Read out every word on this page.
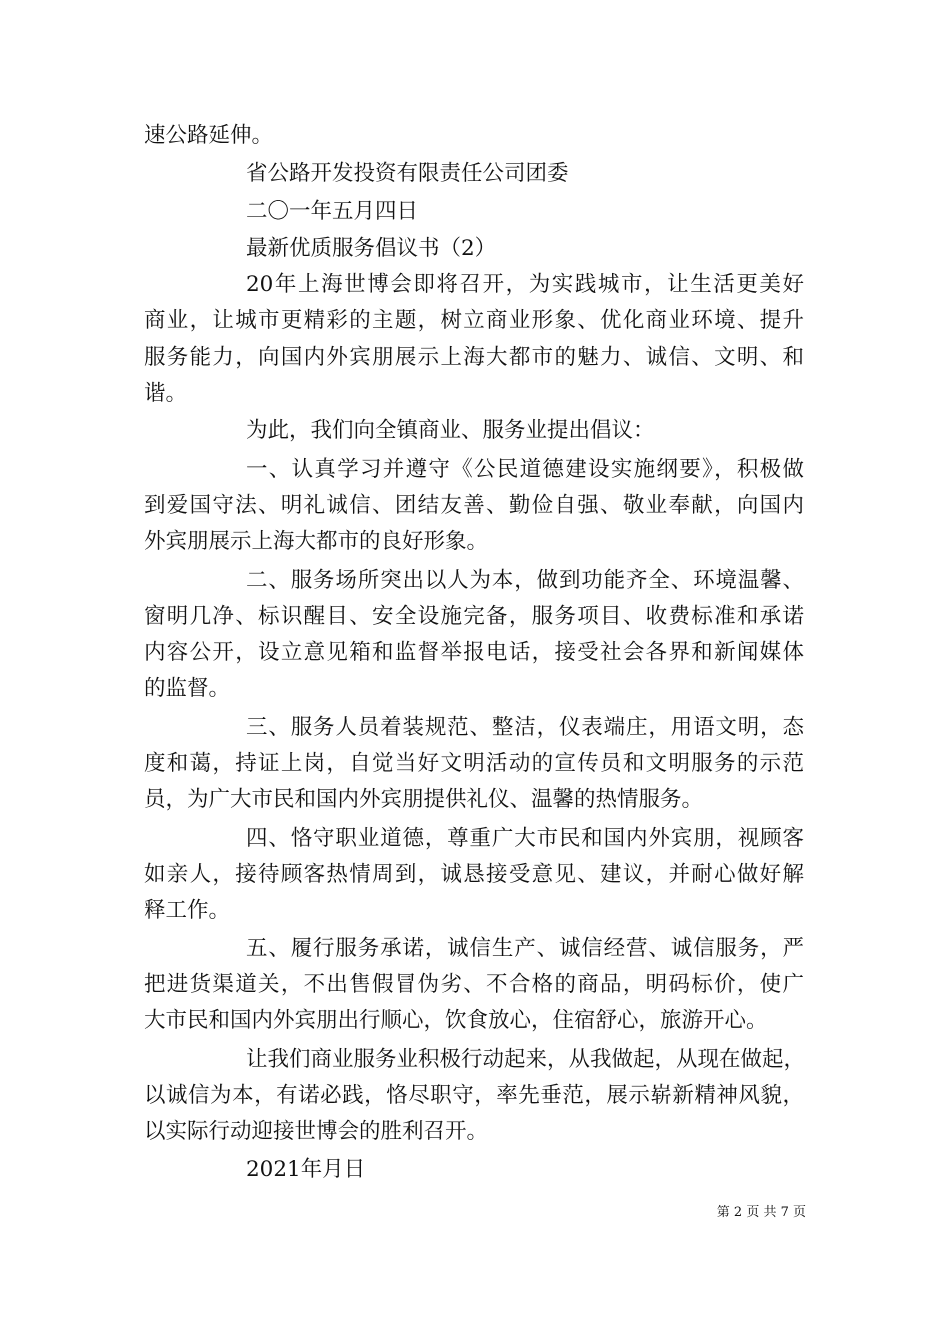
速公路延伸。
省公路开发投资有限责任公司团委
二〇一年五月四日
最新优质服务倡议书（2）
20年上海世博会即将召开，为实践城市，让生活更美好
商业，让城市更精彩的主题，树立商业形象、优化商业环境、提升
服务能力，向国内外宾朋展示上海大都市的魅力、诚信、文明、和
谐。
为此，我们向全镇商业、服务业提出倡议：
一、认真学习并遵守《公民道德建设实施纲要》，积极做
到爱国守法、明礼诚信、团结友善、勤俭自强、敬业奉献，向国内
外宾朋展示上海大都市的良好形象。
二、服务场所突出以人为本，做到功能齐全、环境温馨、
窗明几净、标识醒目、安全设施完备，服务项目、收费标准和承诺
内容公开，设立意见箱和监督举报电话，接受社会各界和新闻媒体
的监督。
三、服务人员着装规范、整洁，仪表端庄，用语文明，态
度和蔼，持证上岗，自觉当好文明活动的宣传员和文明服务的示范
员，为广大市民和国内外宾朋提供礼仪、温馨的热情服务。
四、恪守职业道德，尊重广大市民和国内外宾朋，视顾客
如亲人，接待顾客热情周到，诚恳接受意见、建议，并耐心做好解
释工作。
五、履行服务承诺，诚信生产、诚信经营、诚信服务，严
把进货渠道关，不出售假冒伪劣、不合格的商品，明码标价，使广
大市民和国内外宾朋出行顺心，饮食放心，住宿舒心，旅游开心。
让我们商业服务业积极行动起来，从我做起，从现在做起，
以诚信为本，有诺必践，恪尽职守，率先垂范，展示崭新精神风貌，
以实际行动迎接世博会的胜利召开。
2021年月日
第 2 页 共 7 页
